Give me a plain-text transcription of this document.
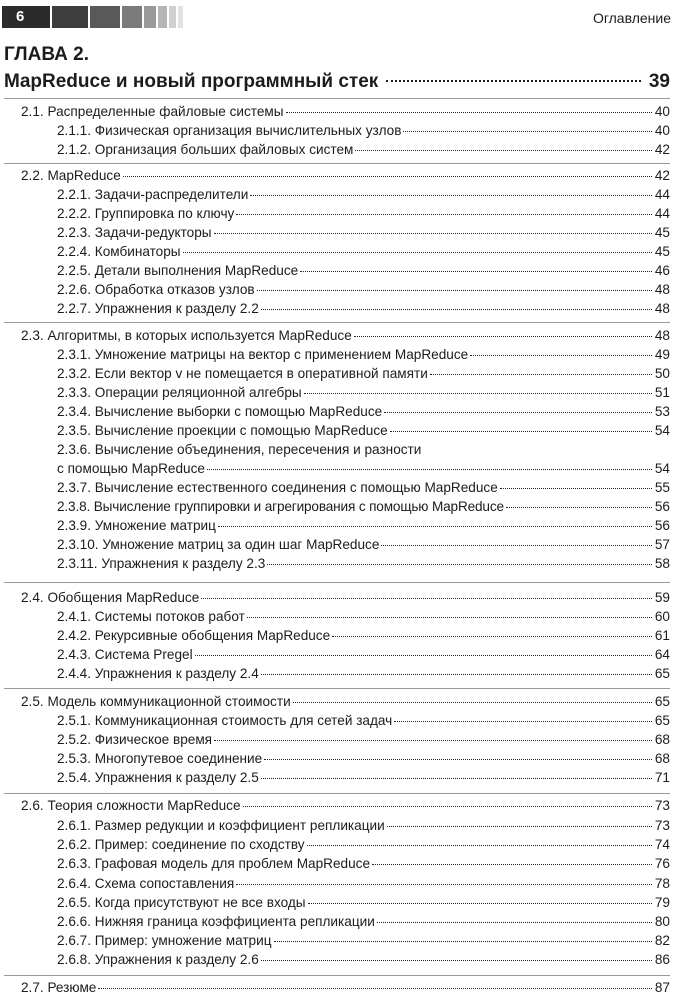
6	Оглавление
ГЛАВА 2.
MapReduce и новый программный стек	39
2.1. Распределенные файловые системы	40
2.1.1. Физическая организация вычислительных узлов	40
2.1.2. Организация больших файловых систем	42
2.2. MapReduce	42
2.2.1. Задачи-распределители	44
2.2.2. Группировка по ключу	44
2.2.3. Задачи-редукторы	45
2.2.4. Комбинаторы	45
2.2.5. Детали выполнения MapReduce	46
2.2.6. Обработка отказов узлов	48
2.2.7. Упражнения к разделу 2.2	48
2.3. Алгоритмы, в которых используется MapReduce	48
2.3.1. Умножение матрицы на вектор с применением MapReduce	49
2.3.2. Если вектор v не помещается в оперативной памяти	50
2.3.3. Операции реляционной алгебры	51
2.3.4. Вычисление выборки с помощью MapReduce	53
2.3.5. Вычисление проекции с помощью MapReduce	54
2.3.6. Вычисление объединения, пересечения и разности
с помощью MapReduce	54
2.3.7. Вычисление естественного соединения с помощью MapReduce	55
2.3.8. Вычисление группировки и агрегирования с помощью MapReduce	56
2.3.9. Умножение матриц	56
2.3.10. Умножение матриц за один шаг MapReduce	57
2.3.11. Упражнения к разделу 2.3	58
2.4. Обобщения MapReduce	59
2.4.1. Системы потоков работ	60
2.4.2. Рекурсивные обобщения MapReduce	61
2.4.3. Система Pregel	64
2.4.4. Упражнения к разделу 2.4	65
2.5. Модель коммуникационной стоимости	65
2.5.1. Коммуникационная стоимость для сетей задач	65
2.5.2. Физическое время	68
2.5.3. Многопутевое соединение	68
2.5.4. Упражнения к разделу 2.5	71
2.6. Теория сложности MapReduce	73
2.6.1. Размер редукции и коэффициент репликации	73
2.6.2. Пример: соединение по сходству	74
2.6.3. Графовая модель для проблем MapReduce	76
2.6.4. Схема сопоставления	78
2.6.5. Когда присутствуют не все входы	79
2.6.6. Нижняя граница коэффициента репликации	80
2.6.7. Пример: умножение матриц	82
2.6.8. Упражнения к разделу 2.6	86
2.7. Резюме	87
